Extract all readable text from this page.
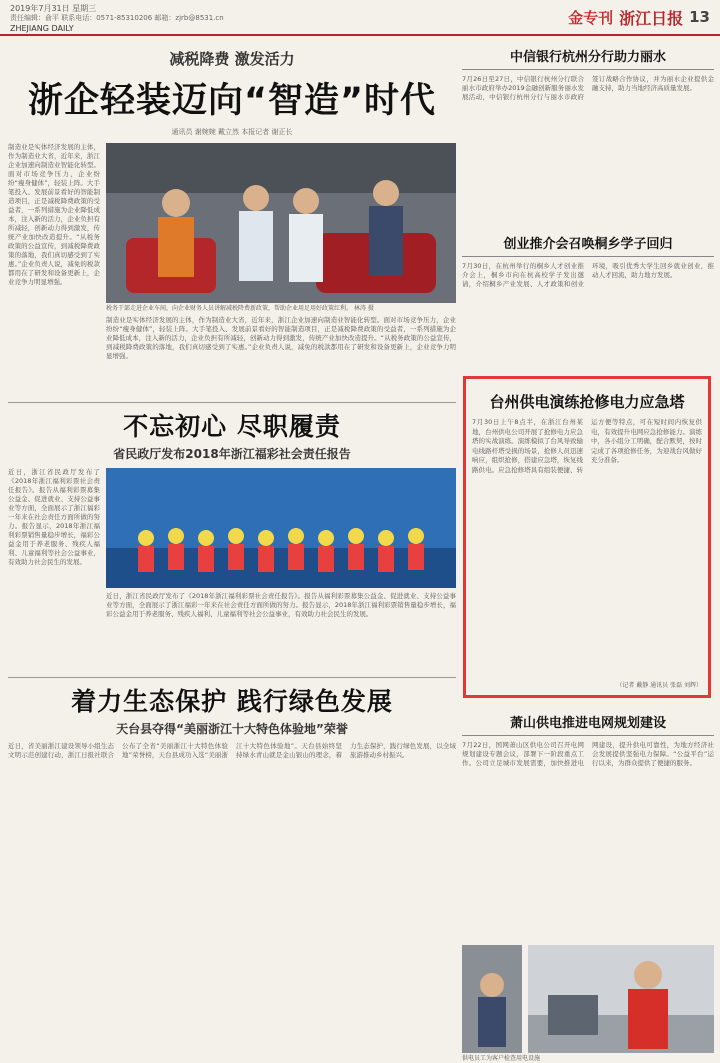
2019年7月31日 星期三
责任编辑：俞平 联系电话：0571-85310206 邮箱：zjrb@8531.cn
ZHEJIANG DAILY
金专刊 浙江日报 13
减税降费 激发活力
浙企轻装迈向“智造”时代
通讯员 谢婉婉 戴立然 本报记者 谢正长
制造业是实体经济发展的主体，作为制造业大省，近年来，浙江企业加速向制造业智能化转型。面对市场竞争压力，企业纷纷“瘦身健体”，轻装上阵。大手笔投入、发展前景看好的智能制造项目，正是减税降费政策的受益者，一系列措施为企业降低成本，注入新的活力，企业负担有所减轻，创新动力得到激发，传统产业加快改造提升。“从税务政策的公益宣传，到减税降费政策的落地，我们真切感受到了实惠。”企业负责人说，减免的税款都用在了研发和设备更新上，企业竞争力明显增强。
税务干部走进企业车间，向企业财务人员讲解减税降费新政策，帮助企业用足用好政策红利。 林涛 摄
制造业是实体经济发展的主体，作为制造业大省，近年来，浙江企业加速向制造业智能化转型。面对市场竞争压力，企业纷纷“瘦身健体”，轻装上阵。大手笔投入、发展前景看好的智能制造项目，正是减税降费政策的受益者，一系列措施为企业降低成本，注入新的活力，企业负担有所减轻，创新动力得到激发，传统产业加快改造提升。“从税务政策的公益宣传，到减税降费政策的落地，我们真切感受到了实惠。”企业负责人说，减免的税款都用在了研发和设备更新上，企业竞争力明显增强。
不忘初心 尽职履责
省民政厅发布2018年浙江福彩社会责任报告
近日，浙江省民政厅发布了《2018年浙江福利彩票社会责任报告》。报告从福利彩票募集公益金、促进就业、支持公益事业等方面，全面展示了浙江福彩一年来在社会责任方面所做的努力。报告显示，2018年浙江福利彩票销售量稳步增长，福彩公益金用于养老服务、残疾人福利、儿童福利等社会公益事业，有效助力社会民生的发展。
近日，浙江省民政厅发布了《2018年浙江福利彩票社会责任报告》。报告从福利彩票募集公益金、促进就业、支持公益事业等方面，全面展示了浙江福彩一年来在社会责任方面所做的努力。报告显示，2018年浙江福利彩票销售量稳步增长，福彩公益金用于养老服务、残疾人福利、儿童福利等社会公益事业，有效助力社会民生的发展。
着力生态保护 践行绿色发展
天台县夺得“美丽浙江十大特色体验地”荣誉
近日，省美丽浙江建设领导小组生态文明示范创建行动，浙江日报社联合公布了全省“美丽浙江十大特色体验地”荣誉榜，天台县成功入选“美丽浙江十大特色体验地”。天台县始终坚持绿水青山就是金山银山的理念，着力生态保护，践行绿色发展，以全域旅游推动乡村振兴。
中信银行杭州分行助力丽水
7月26日至27日，中信银行杭州分行联合丽水市政府举办2019金融创新服务丽水发展活动，中信银行杭州分行与丽水市政府签订战略合作协议，并为丽水企业提供金融支持，助力当地经济高质量发展。
创业推介会召唤桐乡学子回归
7月30日，在杭州举行的桐乡人才创业推介会上，桐乡市向在杭高校学子发出邀请，介绍桐乡产业发展、人才政策和创业环境，吸引优秀大学生回乡就业创业，推动人才回流，助力地方发展。
台州供电演练抢修电力应急塔
7月30日上午8点半，在浙江台州某地，台州供电公司开展了抢修电力应急塔的实战演练。演练模拟了台风导致输电线路杆塔受损的场景，抢修人员迅速响应，组织抢修，搭建应急塔，恢复线路供电。应急抢修塔具有组装便捷、转运方便等特点，可在短时间内恢复供电，有效提升电网应急抢修能力。演练中，各小组分工明确，配合默契，按时完成了各项抢修任务，为迎战台风做好充分准备。
（记者 戴静 通讯员 张磊 刘辉）
萧山供电推进电网规划建设
7月22日，国网萧山区供电公司召开电网规划建设专题会议，部署下一阶段重点工作。公司立足城市发展需要，加快推进电网建设，提升供电可靠性，为地方经济社会发展提供坚强电力保障。“公益平台”运行以来，为群众提供了便捷的服务。
供电员工为客户检查用电设施
